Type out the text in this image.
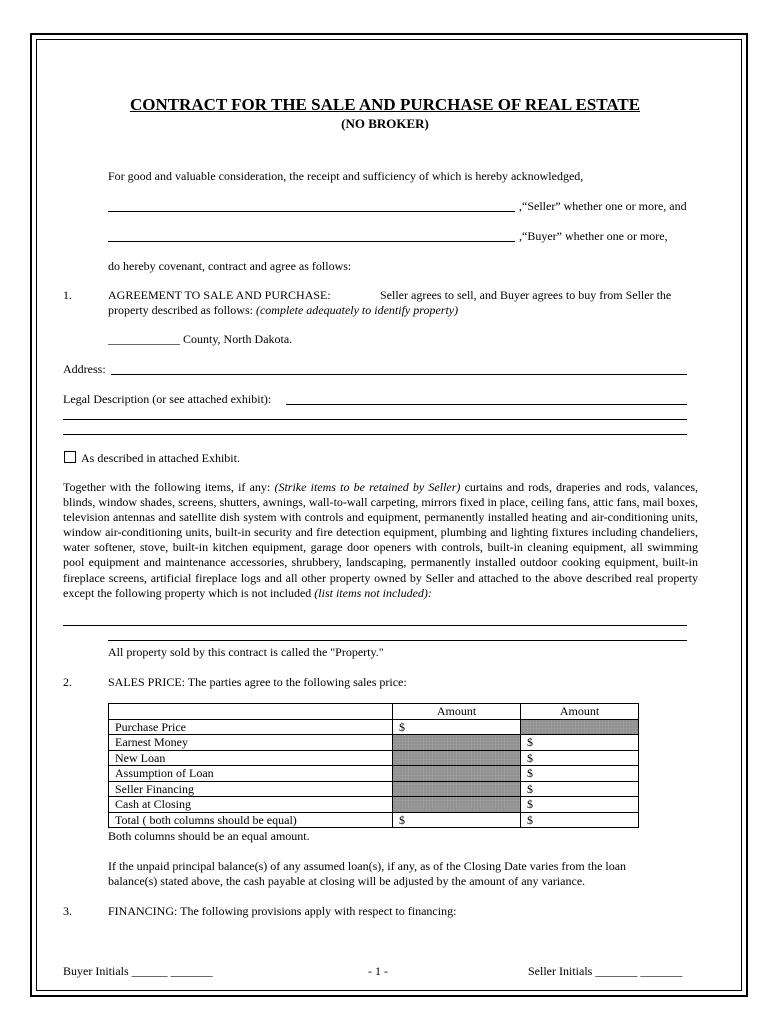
CONTRACT FOR THE SALE AND PURCHASE OF REAL ESTATE
(NO BROKER)
For good and valuable consideration, the receipt and sufficiency of which is hereby acknowledged,
,“Seller” whether one or more, and
,“Buyer” whether one or more,
do hereby covenant, contract and agree as follows:
1.	AGREEMENT TO SALE AND PURCHASE:	Seller agrees to sell, and Buyer agrees to buy from Seller the
property described as follows: (complete adequately to identify property)
____________ County, North Dakota.
Address:
Legal Description (or see attached exhibit):
As described in attached Exhibit.
Together with the following items, if any: (Strike items to be retained by Seller) curtains and rods, draperies and rods, valances, blinds, window shades, screens, shutters, awnings, wall-to-wall carpeting, mirrors fixed in place, ceiling fans, attic fans, mail boxes, television antennas and satellite dish system with controls and equipment, permanently installed heating and air-conditioning units, window air-conditioning units, built-in security and fire detection equipment, plumbing and lighting fixtures including chandeliers, water softener, stove, built-in kitchen equipment, garage door openers with controls, built-in cleaning equipment, all swimming pool equipment and maintenance accessories, shrubbery, landscaping, permanently installed outdoor cooking equipment, built-in fireplace screens, artificial fireplace logs and all other property owned by Seller and attached to the above described real property except the following property which is not included (list items not included):
All property sold by this contract is called the "Property."
2.	SALES PRICE: The parties agree to the following sales price:
	Amount	Amount
Purchase Price	$	
Earnest Money		$
New Loan		$
Assumption of Loan		$
Seller Financing		$
Cash at Closing		$
Total ( both columns should be equal)	$	$
Both columns should be an equal amount.
If the unpaid principal balance(s) of any assumed loan(s), if any, as of the Closing Date varies from the loan
balance(s) stated above, the cash payable at closing will be adjusted by the amount of any variance.
3.	FINANCING: The following provisions apply with respect to financing:
Buyer Initials ______ _______	- 1 -	Seller Initials _______ _______
